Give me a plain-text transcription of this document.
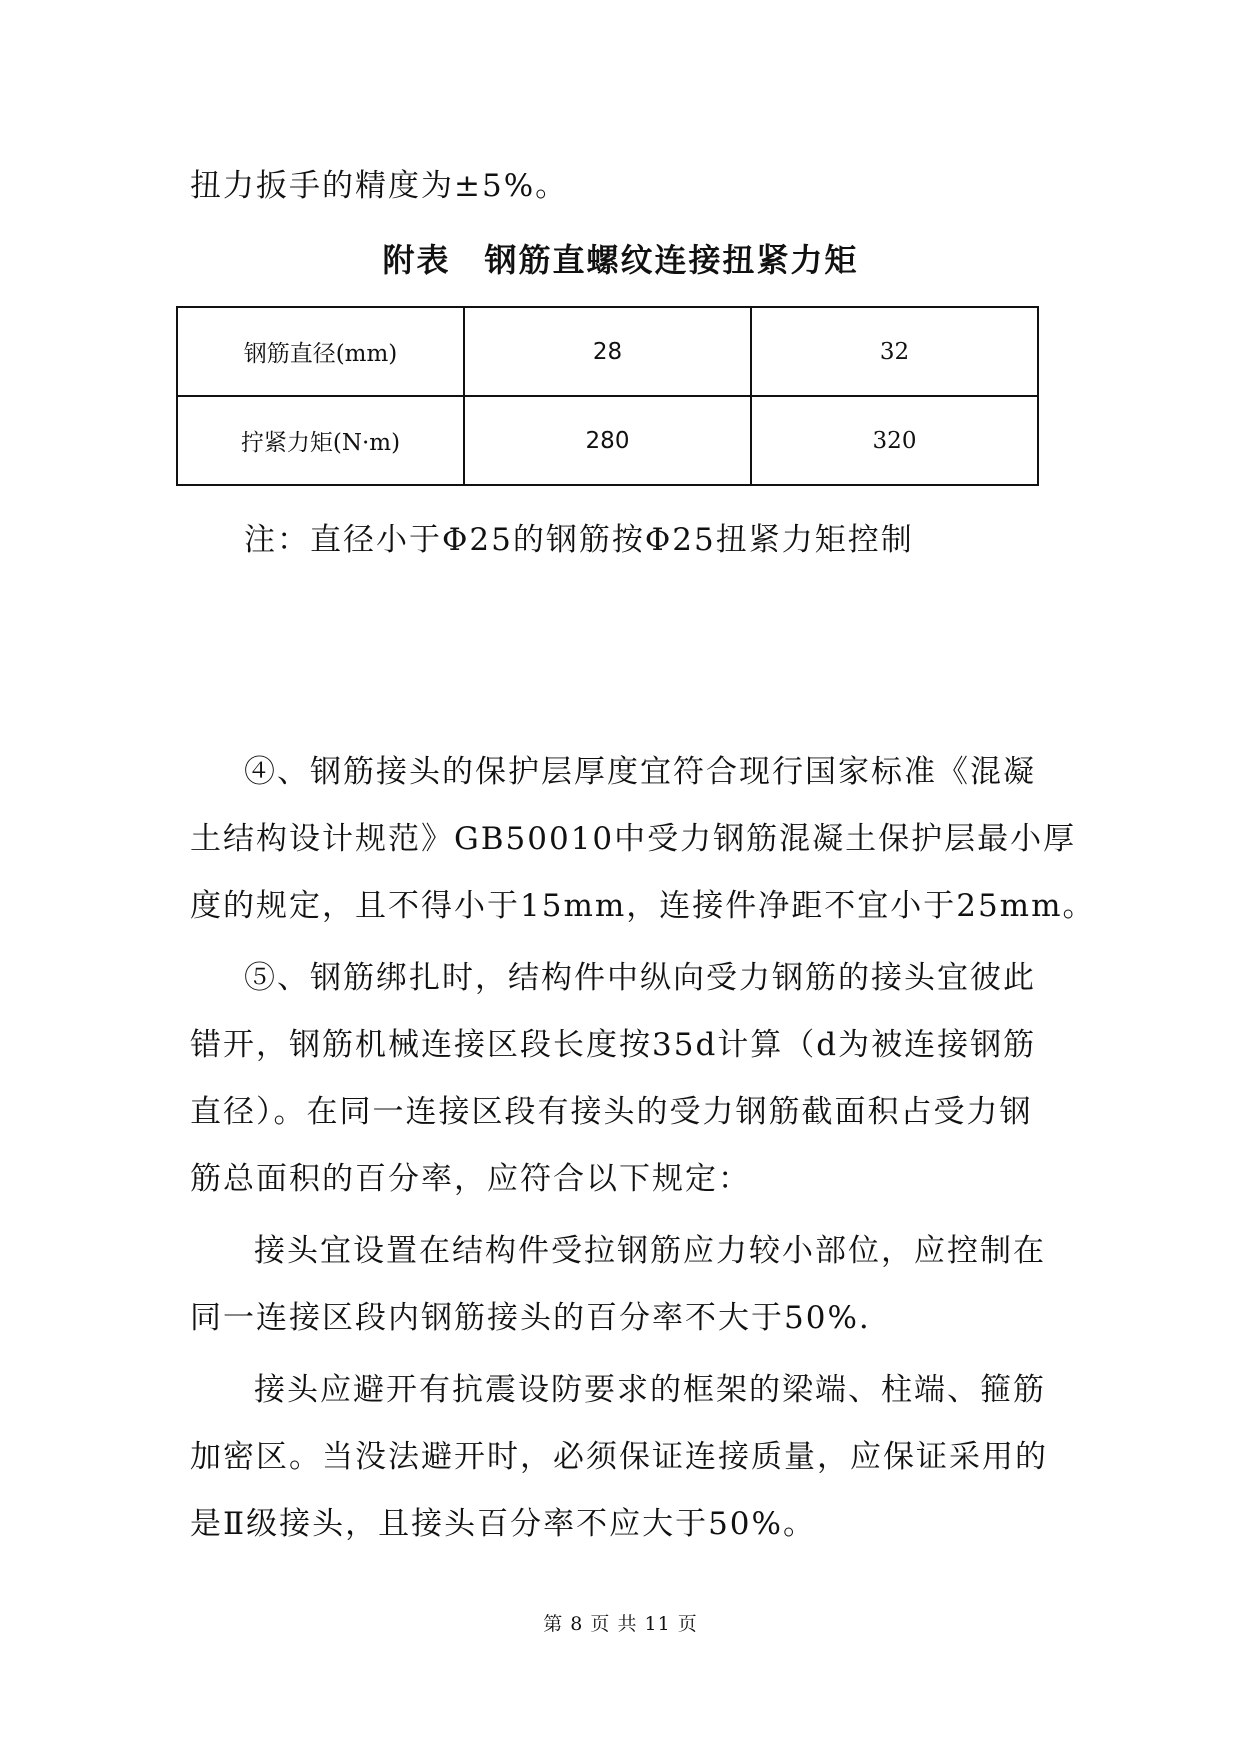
扭力扳手的精度为±5%。

附表　钢筋直螺纹连接扭紧力矩
钢筋直径(mm)	28	32
拧紧力矩(N·m)	280	320

注：直径小于Φ25的钢筋按Φ25扭紧力矩控制

④、钢筋接头的保护层厚度宜符合现行国家标准《混凝

土结构设计规范》GB50010中受力钢筋混凝土保护层最小厚

度的规定，且不得小于15mm，连接件净距不宜小于25mm。

⑤、钢筋绑扎时，结构件中纵向受力钢筋的接头宜彼此

错开，钢筋机械连接区段长度按35d计算（d为被连接钢筋

直径）。在同一连接区段有接头的受力钢筋截面积占受力钢

筋总面积的百分率，应符合以下规定：

接头宜设置在结构件受拉钢筋应力较小部位，应控制在

同一连接区段内钢筋接头的百分率不大于50%.

接头应避开有抗震设防要求的框架的梁端、柱端、箍筋

加密区。当没法避开时，必须保证连接质量，应保证采用的

是Ⅱ级接头，且接头百分率不应大于50%。

第 8 页 共 11 页
